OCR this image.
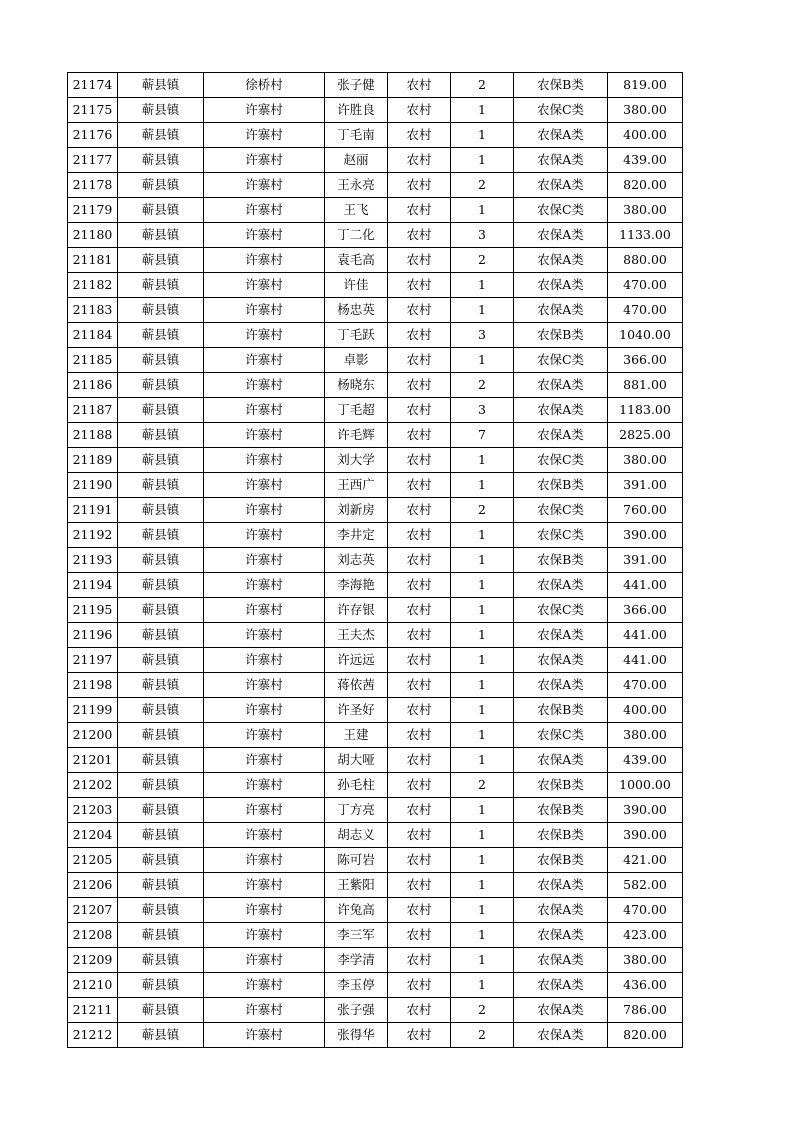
21174	蕲县镇	徐桥村	张子健	农村	2	农保B类	819.00
21175	蕲县镇	许寨村	许胜良	农村	1	农保C类	380.00
21176	蕲县镇	许寨村	丁毛南	农村	1	农保A类	400.00
21177	蕲县镇	许寨村	赵丽	农村	1	农保A类	439.00
21178	蕲县镇	许寨村	王永亮	农村	2	农保A类	820.00
21179	蕲县镇	许寨村	王飞	农村	1	农保C类	380.00
21180	蕲县镇	许寨村	丁二化	农村	3	农保A类	1133.00
21181	蕲县镇	许寨村	袁毛高	农村	2	农保A类	880.00
21182	蕲县镇	许寨村	许佳	农村	1	农保A类	470.00
21183	蕲县镇	许寨村	杨忠英	农村	1	农保A类	470.00
21184	蕲县镇	许寨村	丁毛跃	农村	3	农保B类	1040.00
21185	蕲县镇	许寨村	卓影	农村	1	农保C类	366.00
21186	蕲县镇	许寨村	杨晓东	农村	2	农保A类	881.00
21187	蕲县镇	许寨村	丁毛超	农村	3	农保A类	1183.00
21188	蕲县镇	许寨村	许毛辉	农村	7	农保A类	2825.00
21189	蕲县镇	许寨村	刘大学	农村	1	农保C类	380.00
21190	蕲县镇	许寨村	王西广	农村	1	农保B类	391.00
21191	蕲县镇	许寨村	刘新房	农村	2	农保C类	760.00
21192	蕲县镇	许寨村	李井定	农村	1	农保C类	390.00
21193	蕲县镇	许寨村	刘志英	农村	1	农保B类	391.00
21194	蕲县镇	许寨村	李海艳	农村	1	农保A类	441.00
21195	蕲县镇	许寨村	许存银	农村	1	农保C类	366.00
21196	蕲县镇	许寨村	王夫杰	农村	1	农保A类	441.00
21197	蕲县镇	许寨村	许远远	农村	1	农保A类	441.00
21198	蕲县镇	许寨村	蒋依茜	农村	1	农保A类	470.00
21199	蕲县镇	许寨村	许圣好	农村	1	农保B类	400.00
21200	蕲县镇	许寨村	王建	农村	1	农保C类	380.00
21201	蕲县镇	许寨村	胡大哑	农村	1	农保A类	439.00
21202	蕲县镇	许寨村	孙毛柱	农村	2	农保B类	1000.00
21203	蕲县镇	许寨村	丁方亮	农村	1	农保B类	390.00
21204	蕲县镇	许寨村	胡志义	农村	1	农保B类	390.00
21205	蕲县镇	许寨村	陈可岩	农村	1	农保B类	421.00
21206	蕲县镇	许寨村	王紫阳	农村	1	农保A类	582.00
21207	蕲县镇	许寨村	许兔高	农村	1	农保A类	470.00
21208	蕲县镇	许寨村	李三军	农村	1	农保A类	423.00
21209	蕲县镇	许寨村	李学清	农村	1	农保A类	380.00
21210	蕲县镇	许寨村	李玉停	农村	1	农保A类	436.00
21211	蕲县镇	许寨村	张子强	农村	2	农保A类	786.00
21212	蕲县镇	许寨村	张得华	农村	2	农保A类	820.00
